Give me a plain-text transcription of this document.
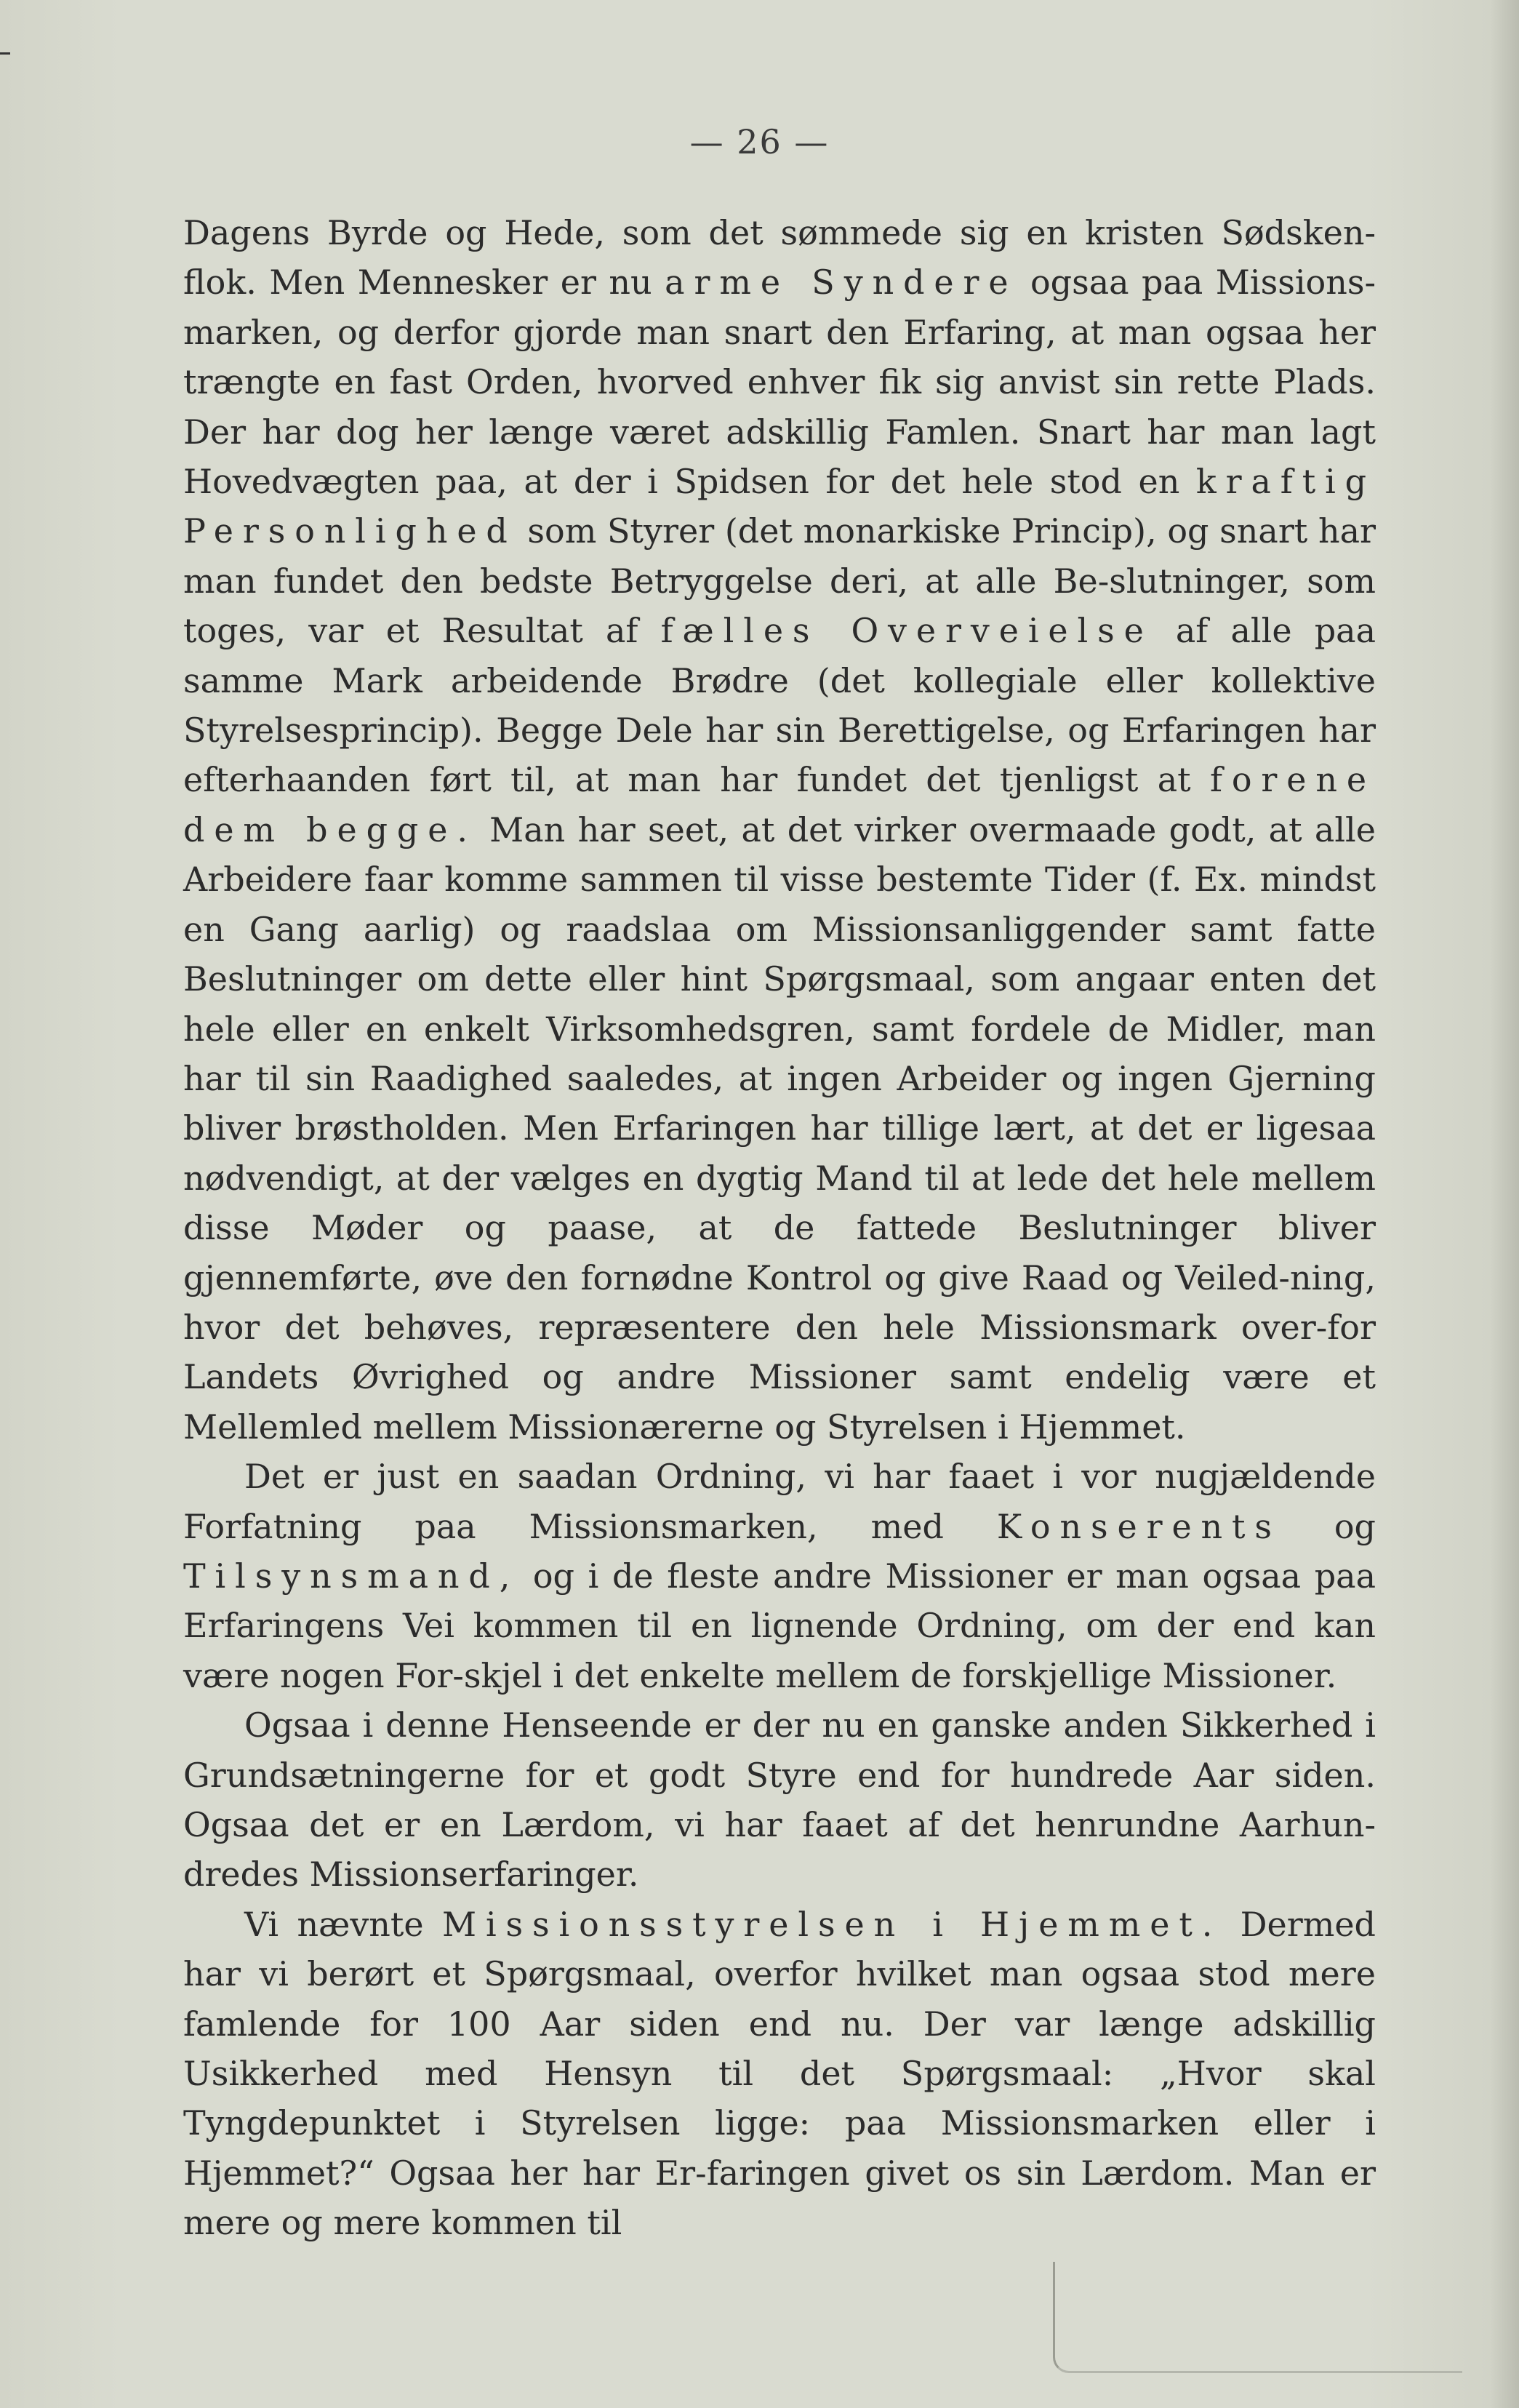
— 26 —

Dagens Byrde og Hede, som det sømmede sig en kristen Sødsken-flok. Men Mennesker er nu arme Syndere ogsaa paa Missions-marken, og derfor gjorde man snart den Erfaring, at man ogsaa her trængte en fast Orden, hvorved enhver fik sig anvist sin rette Plads. Der har dog her længe været adskillig Famlen. Snart har man lagt Hovedvægten paa, at der i Spidsen for det hele stod en kraftig Personlighed som Styrer (det monarkiske Princip), og snart har man fundet den bedste Betryggelse deri, at alle Be-slutninger, som toges, var et Resultat af fælles Overveielse af alle paa samme Mark arbeidende Brødre (det kollegiale eller kollektive Styrelsesprincip). Begge Dele har sin Berettigelse, og Erfaringen har efterhaanden ført til, at man har fundet det tjenligst at forene dem begge. Man har seet, at det virker overmaade godt, at alle Arbeidere faar komme sammen til visse bestemte Tider (f. Ex. mindst en Gang aarlig) og raadslaa om Missionsanliggender samt fatte Beslutninger om dette eller hint Spørgsmaal, som angaar enten det hele eller en enkelt Virksomhedsgren, samt fordele de Midler, man har til sin Raadighed saaledes, at ingen Arbeider og ingen Gjerning bliver brøstholden. Men Erfaringen har tillige lært, at det er ligesaa nødvendigt, at der vælges en dygtig Mand til at lede det hele mellem disse Møder og paase, at de fattede Beslutninger bliver gjennemførte, øve den fornødne Kontrol og give Raad og Veiled-ning, hvor det behøves, repræsentere den hele Missionsmark over-for Landets Øvrighed og andre Missioner samt endelig være et Mellemled mellem Missionærerne og Styrelsen i Hjemmet.

Det er just en saadan Ordning, vi har faaet i vor nugjældende Forfatning paa Missionsmarken, med Konserents og Tilsynsmand, og i de fleste andre Missioner er man ogsaa paa Erfaringens Vei kommen til en lignende Ordning, om der end kan være nogen For-skjel i det enkelte mellem de forskjellige Missioner.

Ogsaa i denne Henseende er der nu en ganske anden Sikkerhed i Grundsætningerne for et godt Styre end for hundrede Aar siden. Ogsaa det er en Lærdom, vi har faaet af det henrundne Aarhun-dredes Missionserfaringer.

Vi nævnte Missionsstyrelsen i Hjemmet. Dermed har vi berørt et Spørgsmaal, overfor hvilket man ogsaa stod mere famlende for 100 Aar siden end nu. Der var længe adskillig Usikkerhed med Hensyn til det Spørgsmaal: „Hvor skal Tyngdepunktet i Styrelsen ligge: paa Missionsmarken eller i Hjemmet?“ Ogsaa her har Er-faringen givet os sin Lærdom. Man er mere og mere kommen til
